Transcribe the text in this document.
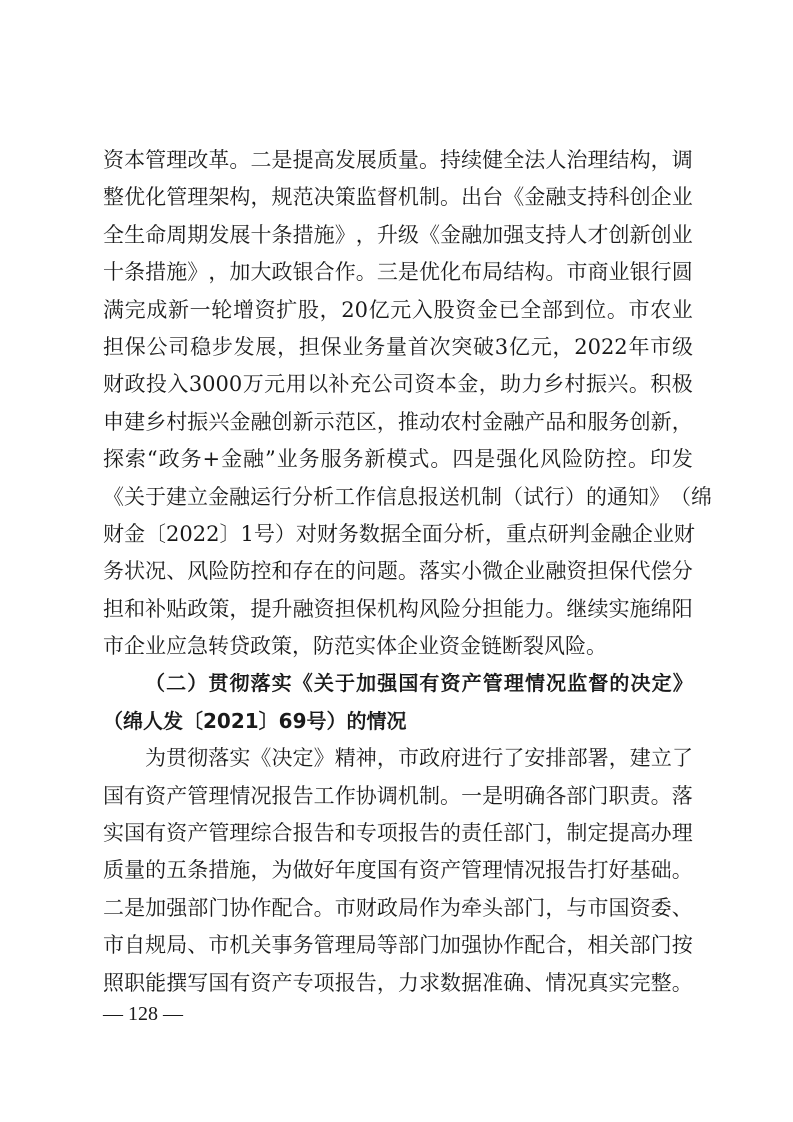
资 本 管 理 改 革 。 二 是 提 高 发 展 质 量 。 持 续 健 全 法 人 治 理 结 构 ， 调
整 优 化 管 理 架 构 ， 规 范 决 策 监 督 机 制 。 出 台 《 金 融 支 持 科 创 企 业
全 生 命 周 期 发 展 十 条 措 施 》 ， 升 级 《 金 融 加 强 支 持 人 才 创 新 创 业
十 条 措 施 》 ， 加 大 政 银 合 作 。 三 是 优 化 布 局 结 构 。 市 商 业 银 行 圆
满 完 成 新 一 轮 增 资 扩 股 ， 20 亿 元 入 股 资 金 已 全 部 到 位 。 市 农 业
担 保 公 司 稳 步 发 展 ， 担 保 业 务 量 首 次 突 破 3 亿 元 ， 2022 年 市 级
财 政 投 入 3000 万 元 用 以 补 充 公 司 资 本 金 ， 助 力 乡 村 振 兴 。 积 极
申 建 乡 村 振 兴 金 融 创 新 示 范 区 ， 推 动 农 村 金 融 产 品 和 服 务 创 新 ，
探 索 “ 政 务 + 金 融 ” 业 务 服 务 新 模 式 。 四 是 强 化 风 险 防 控 。 印 发
《 关 于 建 立 金 融 运 行 分 析 工 作 信 息 报 送 机 制 （ 试 行 ） 的 通 知 》 （ 绵
财 金 〔 2022 〕 1 号 ） 对 财 务 数 据 全 面 分 析 ， 重 点 研 判 金 融 企 业 财
务 状 况 、 风 险 防 控 和 存 在 的 问 题 。 落 实 小 微 企 业 融 资 担 保 代 偿 分
担 和 补 贴 政 策 ， 提 升 融 资 担 保 机 构 风 险 分 担 能 力 。 继 续 实 施 绵 阳
市 企 业 应 急 转 贷 政 策 ， 防 范 实 体 企 业 资 金 链 断 裂 风 险 。
（ 二 ） 贯 彻 落 实 《 关 于 加 强 国 有 资 产 管 理 情 况 监 督 的 决 定 》
（ 绵 人 发 〔 2021 〕 69 号 ） 的 情 况
为 贯 彻 落 实 《 决 定 》 精 神 ， 市 政 府 进 行 了 安 排 部 署 ， 建 立 了
国 有 资 产 管 理 情 况 报 告 工 作 协 调 机 制 。 一 是 明 确 各 部 门 职 责 。 落
实 国 有 资 产 管 理 综 合 报 告 和 专 项 报 告 的 责 任 部 门 ， 制 定 提 高 办 理
质 量 的 五 条 措 施 ， 为 做 好 年 度 国 有 资 产 管 理 情 况 报 告 打 好 基 础 。
二 是 加 强 部 门 协 作 配 合 。 市 财 政 局 作 为 牵 头 部 门 ， 与 市 国 资 委 、
市 自 规 局 、 市 机 关 事 务 管 理 局 等 部 门 加 强 协 作 配 合 ， 相 关 部 门 按
照 职 能 撰 写 国 有 资 产 专 项 报 告 ， 力 求 数 据 准 确 、 情 况 真 实 完 整 。
— 128 —
